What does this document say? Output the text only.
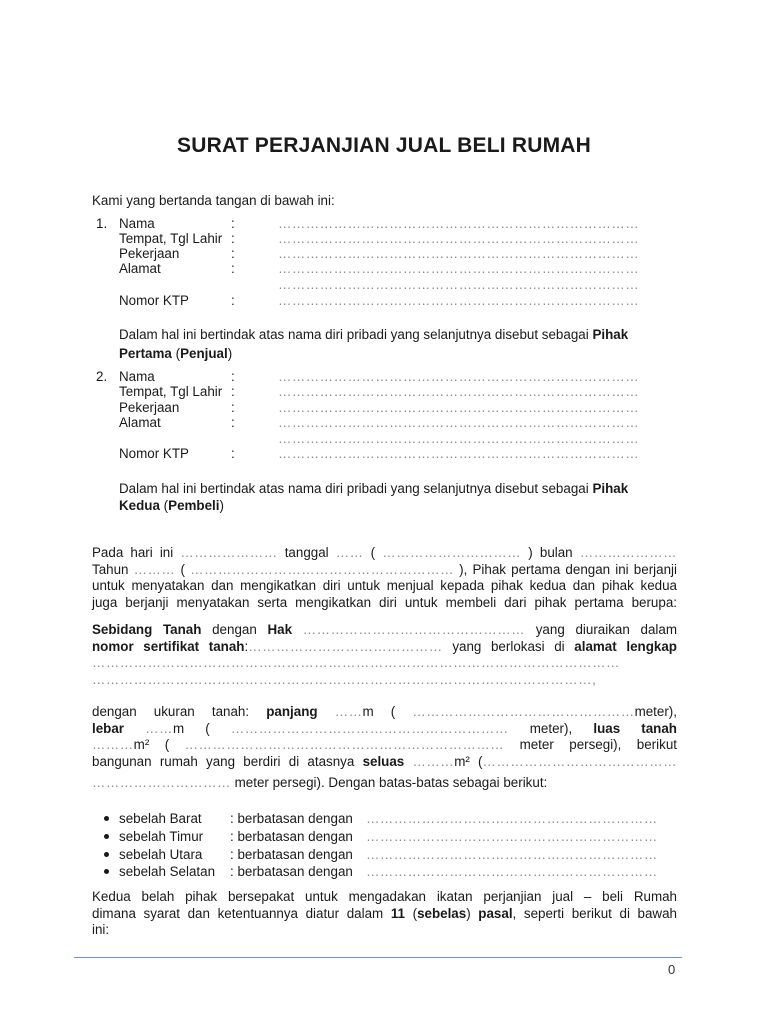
SURAT PERJANJIAN JUAL BELI RUMAH
Kami yang bertanda tangan di bawah ini:
1. Nama	:	……………………………………………………………………
Tempat, Tgl Lahir :	……………………………………………………………………
Pekerjaan	:	……………………………………………………………………
Alamat	:	……………………………………………………………………
……………………………………………………………………
Nomor KTP	:	……………………………………………………………………
Dalam hal ini bertindak atas nama diri pribadi yang selanjutnya disebut sebagai Pihak
Pertama (Penjual)
2. Nama	:	……………………………………………………………………
Tempat, Tgl Lahir :	……………………………………………………………………
Pekerjaan	:	……………………………………………………………………
Alamat	:	……………………………………………………………………
……………………………………………………………………
Nomor KTP	:	……………………………………………………………………
Dalam hal ini bertindak atas nama diri pribadi yang selanjutnya disebut sebagai Pihak
Kedua (Pembeli)
Pada hari ini ………………… tanggal …… ( ………………………… ) bulan …………………
Tahun ……… ( ………………………………………………… ), Pihak pertama dengan ini berjanji
untuk menyatakan dan mengikatkan diri untuk menjual kepada pihak kedua dan pihak kedua
juga berjanji menyatakan serta mengikatkan diri untuk membeli dari pihak pertama berupa:
Sebidang Tanah dengan Hak ………………………………………… yang diuraikan dalam
nomor sertifikat tanah:…………………………………… yang berlokasi di alamat lengkap
……………………………………………………………………………………………………
………………………………………………………………………………………………,
dengan ukuran tanah: panjang ……m ( …………………………………………meter),
lebar ……m ( …………………………………………………… meter), luas tanah
………m² ( …………………………………………………………… meter persegi), berikut
bangunan rumah yang berdiri di atasnya seluas ………m² (……………………………………
………………………… meter persegi). Dengan batas-batas sebagai berikut:
sebelah Barat : berbatasan dengan ………………………………………………………
sebelah Timur : berbatasan dengan ………………………………………………………
sebelah Utara : berbatasan dengan ………………………………………………………
sebelah Selatan : berbatasan dengan ………………………………………………………
Kedua belah pihak bersepakat untuk mengadakan ikatan perjanjian jual – beli Rumah
dimana syarat dan ketentuannya diatur dalam 11 (sebelas) pasal, seperti berikut di bawah
ini:
0
